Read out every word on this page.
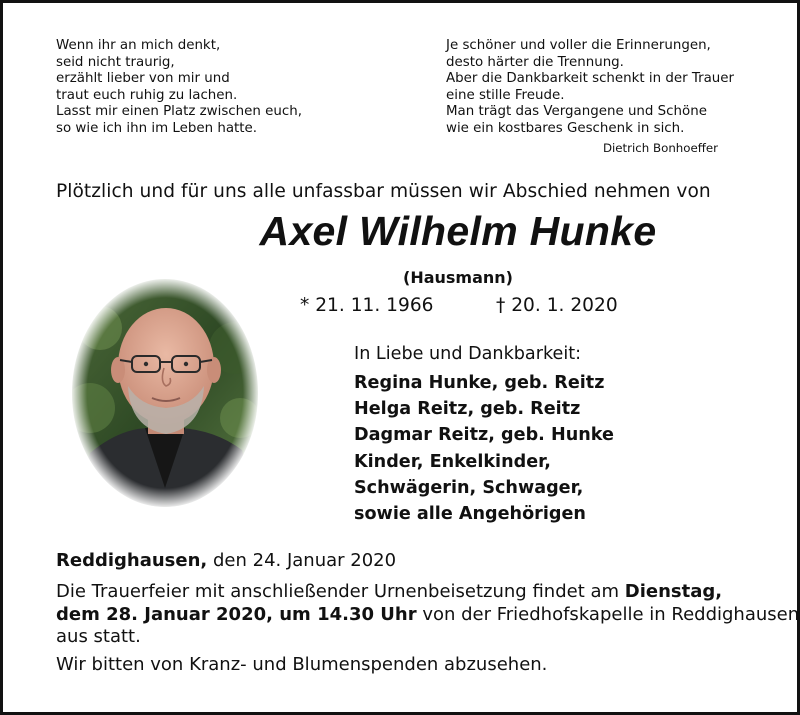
Wenn ihr an mich denkt,
seid nicht traurig,
erzählt lieber von mir und
traut euch ruhig zu lachen.
Lasst mir einen Platz zwischen euch,
so wie ich ihn im Leben hatte.
Je schöner und voller die Erinnerungen,
desto härter die Trennung.
Aber die Dankbarkeit schenkt in der Trauer
eine stille Freude.
Man trägt das Vergangene und Schöne
wie ein kostbares Geschenk in sich.
Dietrich Bonhoeffer
Plötzlich und für uns alle unfassbar müssen wir Abschied nehmen von
Axel Wilhelm Hunke
(Hausmann)
* 21. 11. 1966	† 20. 1. 2020
In Liebe und Dankbarkeit:
Regina Hunke, geb. Reitz
Helga Reitz, geb. Reitz
Dagmar Reitz, geb. Hunke
Kinder, Enkelkinder,
Schwägerin, Schwager,
sowie alle Angehörigen
Reddighausen, den 24. Januar 2020
Die Trauerfeier mit anschließender Urnenbeisetzung findet am Dienstag,
dem 28. Januar 2020, um 14.30 Uhr von der Friedhofskapelle in Reddighausen
aus statt.
Wir bitten von Kranz- und Blumenspenden abzusehen.
